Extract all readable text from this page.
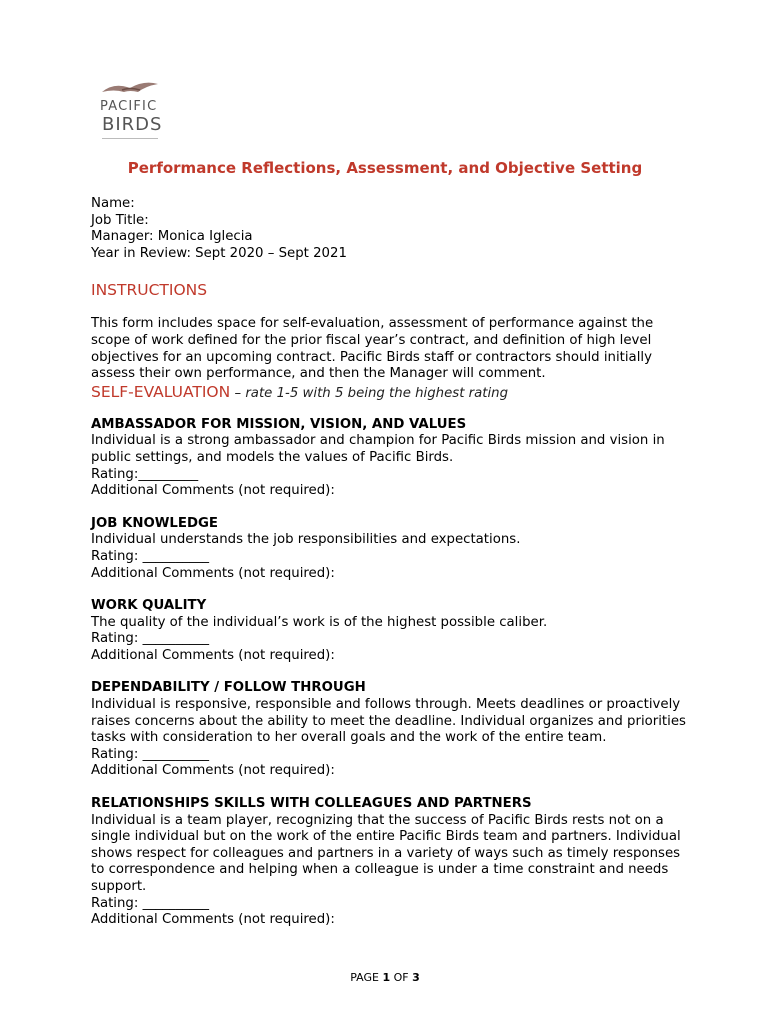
PACIFIC
BIRDS
Performance Reflections, Assessment, and Objective Setting
Name:
Job Title:
Manager: Monica Iglecia
Year in Review: Sept 2020 – Sept 2021
INSTRUCTIONS

This form includes space for self-evaluation, assessment of performance against the scope of work defined for the prior fiscal year’s contract, and definition of high level objectives for an upcoming contract. Pacific Birds staff or contractors should initially assess their own performance, and then the Manager will comment.

SELF-EVALUATION – rate 1-5 with 5 being the highest rating
AMBASSADOR FOR MISSION, VISION, AND VALUES
Individual is a strong ambassador and champion for Pacific Birds mission and vision in public settings, and models the values of Pacific Birds.
Rating:_________
Additional Comments (not required):
JOB KNOWLEDGE
Individual understands the job responsibilities and expectations.
Rating: __________
Additional Comments (not required):
WORK QUALITY
The quality of the individual’s work is of the highest possible caliber.
Rating: __________
Additional Comments (not required):
DEPENDABILITY / FOLLOW THROUGH
Individual is responsive, responsible and follows through. Meets deadlines or proactively raises concerns about the ability to meet the deadline. Individual organizes and priorities tasks with consideration to her overall goals and the work of the entire team.
Rating: __________
Additional Comments (not required):
RELATIONSHIPS SKILLS WITH COLLEAGUES AND PARTNERS
Individual is a team player, recognizing that the success of Pacific Birds rests not on a single individual but on the work of the entire Pacific Birds team and partners. Individual shows respect for colleagues and partners in a variety of ways such as timely responses to correspondence and helping when a colleague is under a time constraint and needs support.
Rating: __________
Additional Comments (not required):
PAGE 1 OF 3
